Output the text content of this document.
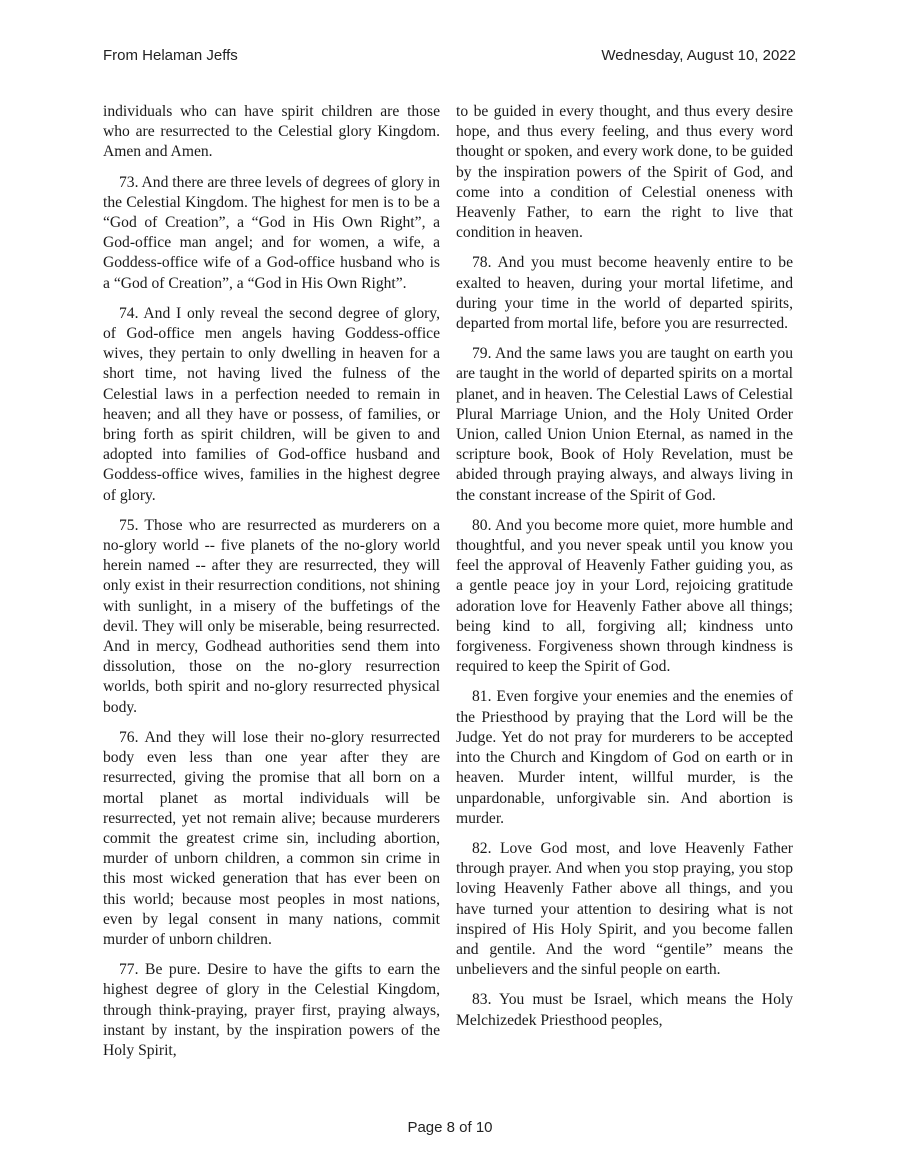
From Helaman Jeffs	Wednesday, August 10, 2022

individuals who can have spirit children are those who are resurrected to the Celestial glory Kingdom. Amen and Amen.

73. And there are three levels of degrees of glory in the Celestial Kingdom. The highest for men is to be a “God of Creation”, a “God in His Own Right”, a God-office man angel; and for women, a wife, a Goddess-office wife of a God-office husband who is a “God of Creation”, a “God in His Own Right”.

74. And I only reveal the second degree of glory, of God-office men angels having Goddess-office wives, they pertain to only dwelling in heaven for a short time, not having lived the fulness of the Celestial laws in a perfection needed to remain in heaven; and all they have or possess, of families, or bring forth as spirit children, will be given to and adopted into families of God-office husband and Goddess-office wives, families in the highest degree of glory.

75. Those who are resurrected as murderers on a no-glory world -- five planets of the no-glory world herein named -- after they are resurrected, they will only exist in their resurrection conditions, not shining with sunlight, in a misery of the buffetings of the devil. They will only be miserable, being resurrected. And in mercy, Godhead authorities send them into dissolution, those on the no-glory resurrection worlds, both spirit and no-glory resurrected physical body.

76. And they will lose their no-glory resurrected body even less than one year after they are resurrected, giving the promise that all born on a mortal planet as mortal individuals will be resurrected, yet not remain alive; because murderers commit the greatest crime sin, including abortion, murder of unborn children, a common sin crime in this most wicked generation that has ever been on this world; because most peoples in most nations, even by legal consent in many nations, commit murder of unborn children.

77. Be pure. Desire to have the gifts to earn the highest degree of glory in the Celestial Kingdom, through think-praying, prayer first, praying always, instant by instant, by the inspiration powers of the Holy Spirit,

to be guided in every thought, and thus every desire hope, and thus every feeling, and thus every word thought or spoken, and every work done, to be guided by the inspiration powers of the Spirit of God, and come into a condition of Celestial oneness with Heavenly Father, to earn the right to live that condition in heaven.

78. And you must become heavenly entire to be exalted to heaven, during your mortal lifetime, and during your time in the world of departed spirits, departed from mortal life, before you are resurrected.

79. And the same laws you are taught on earth you are taught in the world of departed spirits on a mortal planet, and in heaven. The Celestial Laws of Celestial Plural Marriage Union, and the Holy United Order Union, called Union Union Eternal, as named in the scripture book, Book of Holy Revelation, must be abided through praying always, and always living in the constant increase of the Spirit of God.

80. And you become more quiet, more humble and thoughtful, and you never speak until you know you feel the approval of Heavenly Father guiding you, as a gentle peace joy in your Lord, rejoicing gratitude adoration love for Heavenly Father above all things; being kind to all, forgiving all; kindness unto forgiveness. Forgiveness shown through kindness is required to keep the Spirit of God.

81. Even forgive your enemies and the enemies of the Priesthood by praying that the Lord will be the Judge. Yet do not pray for murderers to be accepted into the Church and Kingdom of God on earth or in heaven. Murder intent, willful murder, is the unpardonable, unforgivable sin. And abortion is murder.

82. Love God most, and love Heavenly Father through prayer. And when you stop praying, you stop loving Heavenly Father above all things, and you have turned your attention to desiring what is not inspired of His Holy Spirit, and you become fallen and gentile. And the word “gentile” means the unbelievers and the sinful people on earth.

83. You must be Israel, which means the Holy Melchizedek Priesthood peoples,

Page 8 of 10
